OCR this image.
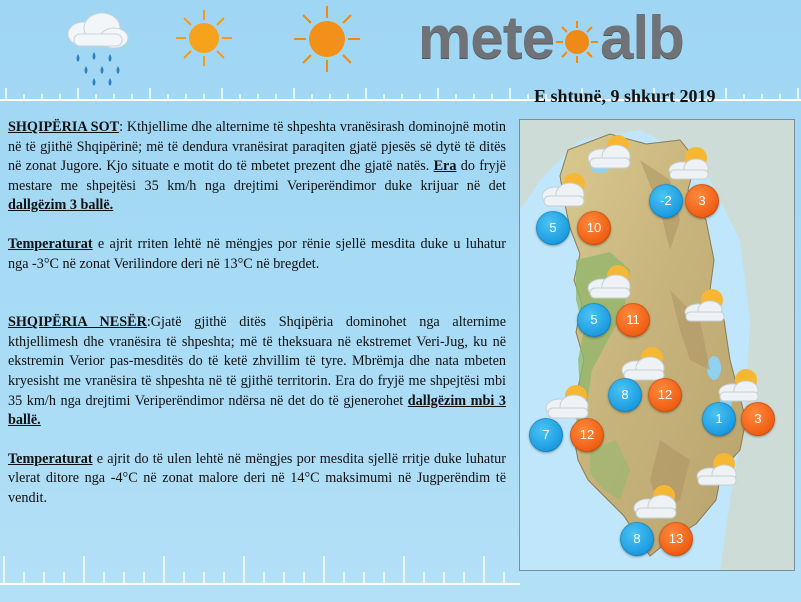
mete alb
E shtunë, 9 shkurt 2019

SHQIPËRIA SOT: Kthjellime dhe alternime të shpeshta vranësirash dominojnë motin në të gjithë Shqipërinë; më të dendura vranësirat paraqiten gjatë pjesës së dytë të ditës në zonat Jugore. Kjo situate e motit do të mbetet prezent dhe gjatë natës. Era do fryjë mestare me shpejtësi 35 km/h nga drejtimi Veriperëndimor duke krijuar në det dallgëzim 3 ballë.

Temperaturat e ajrit rriten lehtë në mëngjes por rënie sjellë mesdita duke u luhatur nga -3°C në zonat Verilindore deri në 13°C në bregdet.

SHQIPËRIA NESËR:Gjatë gjithë ditës Shqipëria dominohet nga alternime kthjellimesh dhe vranësira të shpeshta; më të theksuara në ekstremet Veri-Jug, ku në ekstremin Verior pas-mesditës do të ketë zhvillim të tyre. Mbrëmja dhe nata mbeten kryesisht me vranësira të shpeshta në të gjithë territorin. Era do fryjë me shpejtësi mbi 35 km/h nga drejtimi Veriperëndimor ndërsa në det do të gjenerohet dallgëzim mbi 3 ballë.

Temperaturat e ajrit do të ulen lehtë në mëngjes por mesdita sjellë rritje duke luhatur vlerat ditore nga -4°C në zonat malore deri në 14°C maksimumi në Jugperëndim të vendit.

5	10
-2	3
5	11
8	12
1	3
7	12
8	13
